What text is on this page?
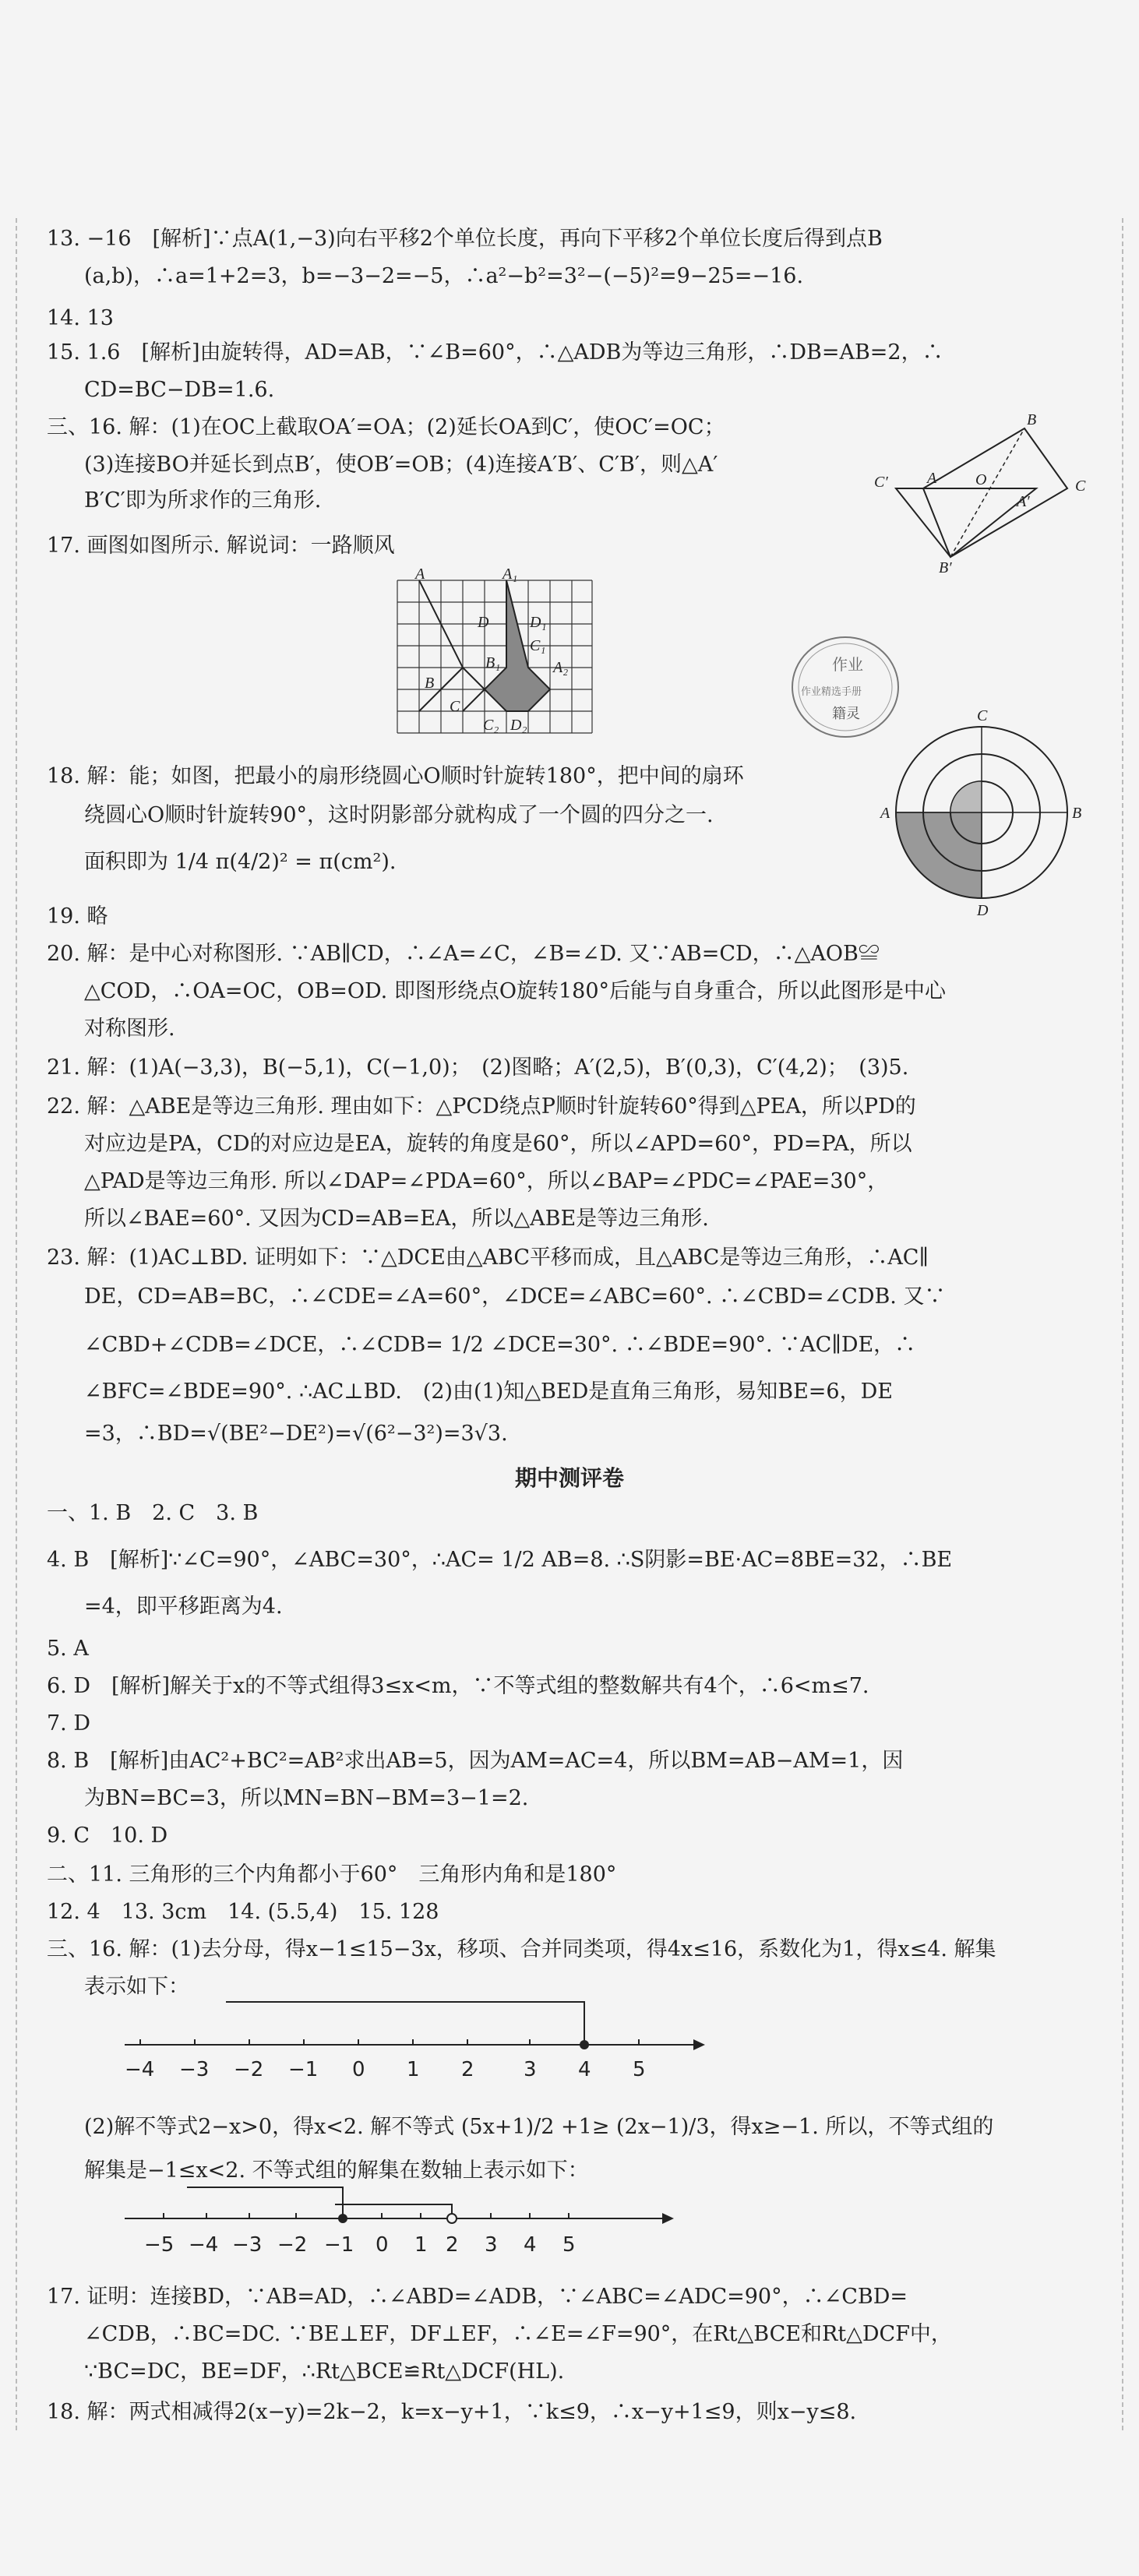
13. −16　[解析]∵点A(1,−3)向右平移2个单位长度，再向下平移2个单位长度后得到点B
(a,b)，∴a=1+2=3，b=−3−2=−5，∴a²−b²=3²−(−5)²=9−25=−16.
14. 13
15. 1.6　[解析]由旋转得，AD=AB，∵∠B=60°，∴△ADB为等边三角形，∴DB=AB=2，∴
CD=BC−DB=1.6.
三、16. 解：(1)在OC上截取OA′=OA；(2)延长OA到C′，使OC′=OC；
(3)连接BO并延长到点B′，使OB′=OB；(4)连接A′B′、C′B′，则△A′
B′C′即为所求作的三角形.
B
C′	A O
A′
C
B′
17. 画图如图所示. 解说词：一路顺风
A	A₁
D	D₁
C₁
B₁	A₂
B
C
C₂ D₂
作业
作业精选手册
籍灵
18. 解：能；如图，把最小的扇形绕圆心O顺时针旋转180°，把中间的扇环
绕圆心O顺时针旋转90°，这时阴影部分就构成了一个圆的四分之一.
面积即为 1/4 π(4/2)² = π(cm²).
C
A	B
D
19. 略
20. 解：是中心对称图形. ∵AB∥CD，∴∠A=∠C，∠B=∠D. 又∵AB=CD，∴△AOB≌
△COD，∴OA=OC，OB=OD. 即图形绕点O旋转180°后能与自身重合，所以此图形是中心
对称图形.
21. 解：(1)A(−3,3)，B(−5,1)，C(−1,0)；　(2)图略；A′(2,5)，B′(0,3)，C′(4,2)；　(3)5.
22. 解：△ABE是等边三角形. 理由如下：△PCD绕点P顺时针旋转60°得到△PEA，所以PD的
对应边是PA，CD的对应边是EA，旋转的角度是60°，所以∠APD=60°，PD=PA，所以
△PAD是等边三角形. 所以∠DAP=∠PDA=60°，所以∠BAP=∠PDC=∠PAE=30°，
所以∠BAE=60°. 又因为CD=AB=EA，所以△ABE是等边三角形.
23. 解：(1)AC⊥BD. 证明如下：∵△DCE由△ABC平移而成，且△ABC是等边三角形，∴AC∥
DE，CD=AB=BC，∴∠CDE=∠A=60°，∠DCE=∠ABC=60°. ∴∠CBD=∠CDB. 又∵
∠CBD+∠CDB=∠DCE，∴∠CDB= 1/2 ∠DCE=30°. ∴∠BDE=90°. ∵AC∥DE，∴
∠BFC=∠BDE=90°. ∴AC⊥BD.　(2)由(1)知△BED是直角三角形，易知BE=6，DE
=3，∴BD=√(BE²−DE²)=√(6²−3²)=3√3.
期中测评卷
一、1. B　2. C　3. B
4. B　[解析]∵∠C=90°，∠ABC=30°，∴AC= 1/2 AB=8. ∴S阴影=BE·AC=8BE=32，∴BE
=4，即平移距离为4.
5. A
6. D　[解析]解关于x的不等式组得3≤x<m，∵不等式组的整数解共有4个，∴6<m≤7.
7. D
8. B　[解析]由AC²+BC²=AB²求出AB=5，因为AM=AC=4，所以BM=AB−AM=1，因
为BN=BC=3，所以MN=BN−BM=3−1=2.
9. C　10. D
二、11. 三角形的三个内角都小于60°　三角形内角和是180°
12. 4　13. 3cm　14. (5.5,4)　15. 128
三、16. 解：(1)去分母，得x−1≤15−3x，移项、合并同类项，得4x≤16，系数化为1，得x≤4. 解集
表示如下：
−4 −3 −2 −1 0 1 2 3 4 5
(2)解不等式2−x>0，得x<2. 解不等式 (5x+1)/2 +1≥ (2x−1)/3，得x≥−1. 所以，不等式组的
解集是−1≤x<2. 不等式组的解集在数轴上表示如下：
−5 −4 −3 −2 −1 0 1 2 3 4 5
17. 证明：连接BD，∵AB=AD，∴∠ABD=∠ADB，∵∠ABC=∠ADC=90°，∴∠CBD=
∠CDB，∴BC=DC. ∵BE⊥EF，DF⊥EF，∴∠E=∠F=90°，在Rt△BCE和Rt△DCF中，
∵BC=DC，BE=DF，∴Rt△BCE≌Rt△DCF(HL).
18. 解：两式相减得2(x−y)=2k−2，k=x−y+1，∵k≤9，∴x−y+1≤9，则x−y≤8.
